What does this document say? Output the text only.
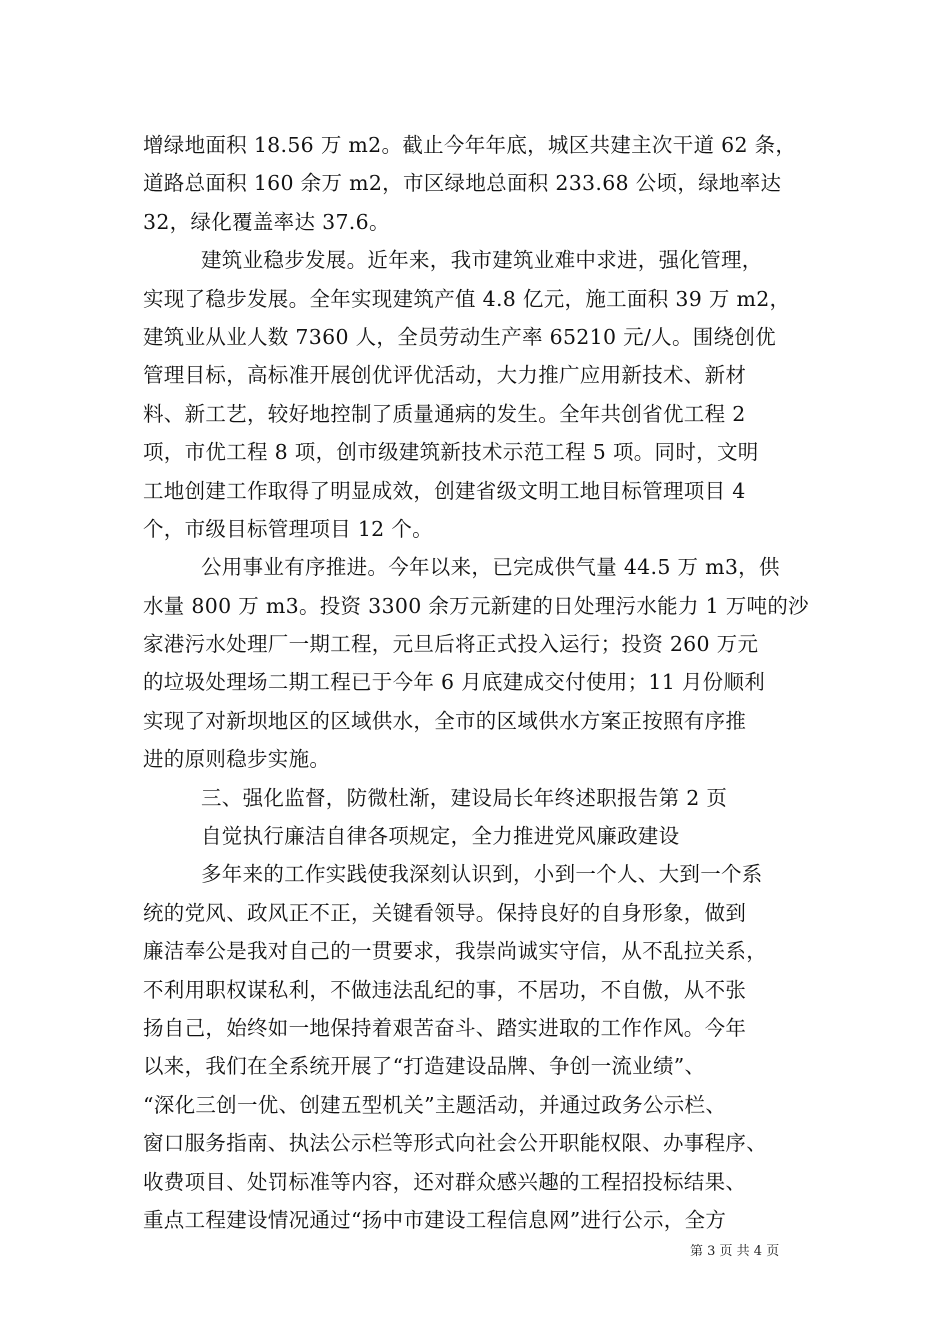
增绿地面积 18.56 万 m2。截止今年年底，城区共建主次干道 62 条，
道路总面积 160 余万 m2，市区绿地总面积 233.68 公顷，绿地率达
32，绿化覆盖率达 37.6。
建筑业稳步发展。近年来，我市建筑业难中求进，强化管理，
实现了稳步发展。全年实现建筑产值 4.8 亿元，施工面积 39 万 m2，
建筑业从业人数 7360 人，全员劳动生产率 65210 元/人。围绕创优
管理目标，高标准开展创优评优活动，大力推广应用新技术、新材
料、新工艺，较好地控制了质量通病的发生。全年共创省优工程 2
项，市优工程 8 项，创市级建筑新技术示范工程 5 项。同时，文明
工地创建工作取得了明显成效，创建省级文明工地目标管理项目 4
个，市级目标管理项目 12 个。
公用事业有序推进。今年以来，已完成供气量 44.5 万 m3，供
水量 800 万 m3。投资 3300 余万元新建的日处理污水能力 1 万吨的沙
家港污水处理厂一期工程，元旦后将正式投入运行；投资 260 万元
的垃圾处理场二期工程已于今年 6 月底建成交付使用；11 月份顺利
实现了对新坝地区的区域供水，全市的区域供水方案正按照有序推
进的原则稳步实施。
三、强化监督，防微杜渐，建设局长年终述职报告第 2 页
自觉执行廉洁自律各项规定，全力推进党风廉政建设
多年来的工作实践使我深刻认识到，小到一个人、大到一个系
统的党风、政风正不正，关键看领导。保持良好的自身形象，做到
廉洁奉公是我对自己的一贯要求，我崇尚诚实守信，从不乱拉关系，
不利用职权谋私利，不做违法乱纪的事，不居功，不自傲，从不张
扬自己，始终如一地保持着艰苦奋斗、踏实进取的工作作风。今年
以来，我们在全系统开展了“打造建设品牌、争创一流业绩”、
“深化三创一优、创建五型机关”主题活动，并通过政务公示栏、
窗口服务指南、执法公示栏等形式向社会公开职能权限、办事程序、
收费项目、处罚标准等内容，还对群众感兴趣的工程招投标结果、
重点工程建设情况通过“扬中市建设工程信息网”进行公示，全方
第 3 页 共 4 页
